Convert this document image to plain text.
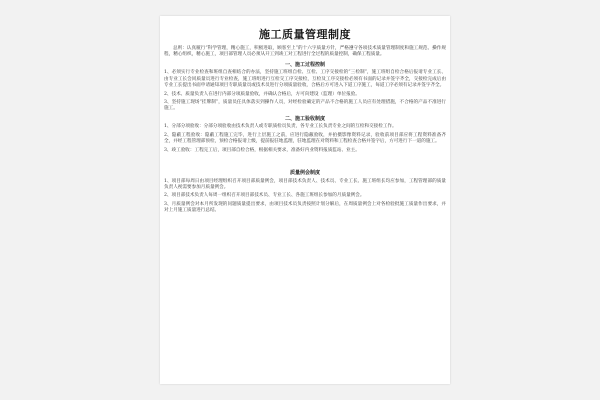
施工质量管理制度

总则：认真履行“科学管理，精心施工，积极进取，顾客至上”的十六字质量方针，严格遵守各项技术质量管理制度和施工规范、操作规程，精心组织，精心施工，项目部管理人员必须从开工到竣工对工程进行全过程的质量控制，确保工程质量。

一、施工过程控制

1、必须实行专业检查和班组自查相结合的办法，坚持施工班组自检、互检、工序交接检的“三检制”，施工班组自检合格后报请专业工长、由专业工长会同质量员进行专业检查，施工班组进行互检交工序交接检，互检及工序交接检必须有书面的记录并签字齐全，交接检完成后由专业工长提出书面申请通知项目专职质量员或技术员进行分项质量验收，合格后方可进入下道工序施工，每道工序必须有记录并签字齐全。

2、技术、质量负责人在进行内部分项质量验收，并确认合格后，方可向建设（监理）单位报验。

3、坚持施工现场“挂牌制”，质量员任具体落实到操作人员，对经检验确定的产品不合格的施工人员应有处理措施，不合格的产品不准进行施工。

二、施工验收制度

1、分部分项验收：分部分项验收由技术负责人或专职质检员负责，各专业工长负责专业之间的互检和交接检工作。

2、隐蔽工程验收：隐蔽工程施工完毕，进行上层施工之前，应进行隐蔽验收，并拍摄影像资料记录，验收前项目部应将工程资料准备齐全，并经工程管理部预检，预检合格报请上级，提前报驻地监理，驻地监理在对资料和工程检查合格并签字后，方可进行下一道的施工。

3、竣工验收：工程完工后，项目部自检合格，根据相关要求，准备好内业资料报质监站、业主。

质量例会制度

1、项目部每周日由项目经理组织召开项目部质量例会，项目部技术负责人、技术员、专业工长、施工班组长均应参加，工程管理部的质量负责人视需要参加月质量例会。

2、项目部技术负责人每周一组织召开项目部技术员、专业工长、各施工班组长参加的月质量例会。

3、月质量例会对本月所发现的问题质量提出要求，由项目技术员负责按照计划分解后，在周质量例会上对各检验批施工质量作出要求，并对上月施工质量进行总结。
